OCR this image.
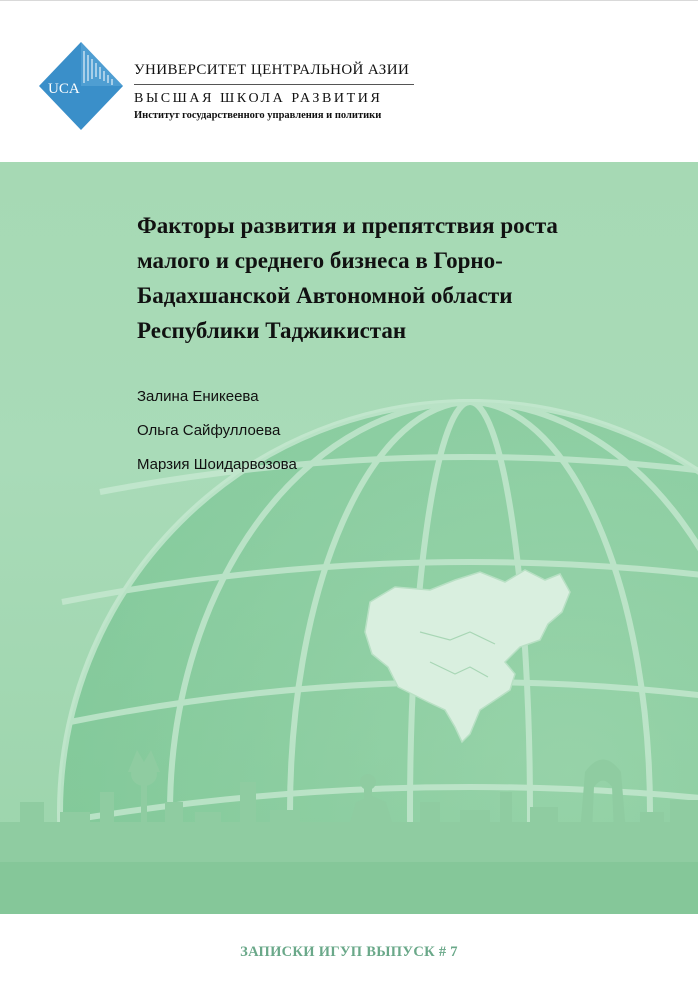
UCA
УНИВЕРСИТЕТ ЦЕНТРАЛЬНОЙ АЗИИ
ВЫСШАЯ ШКОЛА РАЗВИТИЯ
Институт государственного управления и политики
Факторы развития и препятствия роста
малого и среднего бизнеса в Горно-
Бадахшанской Автономной области
Республики Таджикистан
Залина Еникеева
Ольга Сайфуллоева
Марзия Шоидарвозова
ЗАПИСКИ ИГУП ВЫПУСК # 7
